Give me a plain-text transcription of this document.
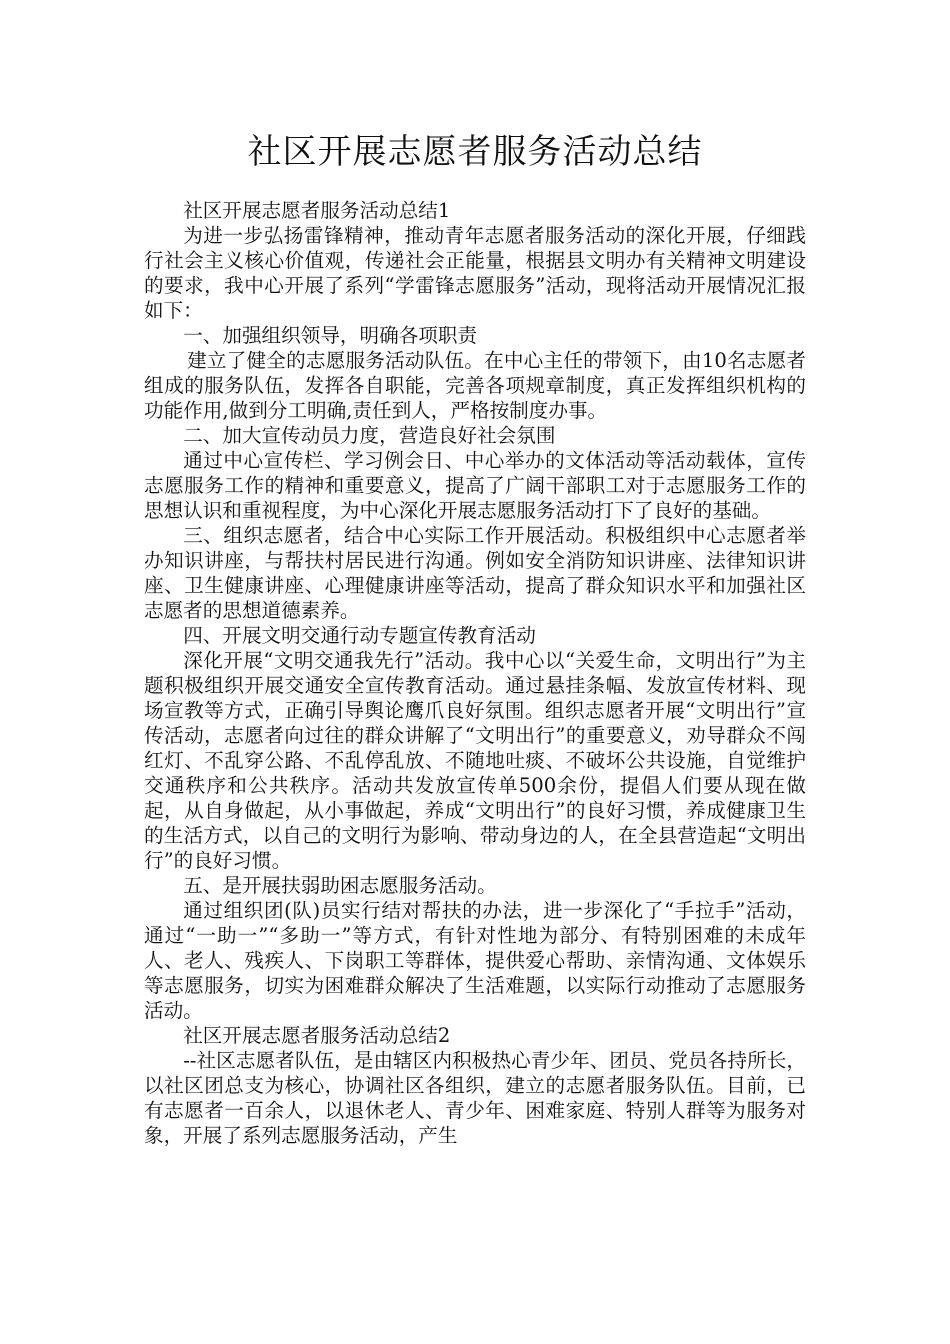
社区开展志愿者服务活动总结

社区开展志愿者服务活动总结1

为进一步弘扬雷锋精神，推动青年志愿者服务活动的深化开展，仔细践行社会主义核心价值观，传递社会正能量，根据县文明办有关精神文明建设的要求，我中心开展了系列“学雷锋志愿服务”活动，现将活动开展情况汇报如下：

一、加强组织领导，明确各项职责

建立了健全的志愿服务活动队伍。在中心主任的带领下，由10名志愿者组成的服务队伍，发挥各自职能，完善各项规章制度，真正发挥组织机构的功能作用,做到分工明确,责任到人，严格按制度办事。

二、加大宣传动员力度，营造良好社会氛围

通过中心宣传栏、学习例会日、中心举办的文体活动等活动载体，宣传志愿服务工作的精神和重要意义，提高了广阔干部职工对于志愿服务工作的思想认识和重视程度，为中心深化开展志愿服务活动打下了良好的基础。

三、组织志愿者，结合中心实际工作开展活动。积极组织中心志愿者举办知识讲座，与帮扶村居民进行沟通。例如安全消防知识讲座、法律知识讲座、卫生健康讲座、心理健康讲座等活动，提高了群众知识水平和加强社区志愿者的思想道德素养。

四、开展文明交通行动专题宣传教育活动

深化开展“文明交通我先行”活动。我中心以“关爱生命，文明出行”为主题积极组织开展交通安全宣传教育活动。通过悬挂条幅、发放宣传材料、现场宣教等方式，正确引导舆论鹰爪良好氛围。组织志愿者开展“文明出行”宣传活动，志愿者向过往的群众讲解了“文明出行”的重要意义，劝导群众不闯红灯、不乱穿公路、不乱停乱放、不随地吐痰、不破坏公共设施，自觉维护交通秩序和公共秩序。活动共发放宣传单500余份，提倡人们要从现在做起，从自身做起，从小事做起，养成“文明出行”的良好习惯，养成健康卫生的生活方式，以自己的文明行为影响、带动身边的人，在全县营造起“文明出行”的良好习惯。

五、是开展扶弱助困志愿服务活动。

通过组织团(队)员实行结对帮扶的办法，进一步深化了“手拉手”活动，通过“一助一”“多助一”等方式，有针对性地为部分、有特别困难的未成年人、老人、残疾人、下岗职工等群体，提供爱心帮助、亲情沟通、文体娱乐等志愿服务，切实为困难群众解决了生活难题，以实际行动推动了志愿服务活动。

社区开展志愿者服务活动总结2

--社区志愿者队伍，是由辖区内积极热心青少年、团员、党员各持所长，以社区团总支为核心，协调社区各组织，建立的志愿者服务队伍。目前，已有志愿者一百余人，以退休老人、青少年、困难家庭、特别人群等为服务对象，开展了系列志愿服务活动，产生
